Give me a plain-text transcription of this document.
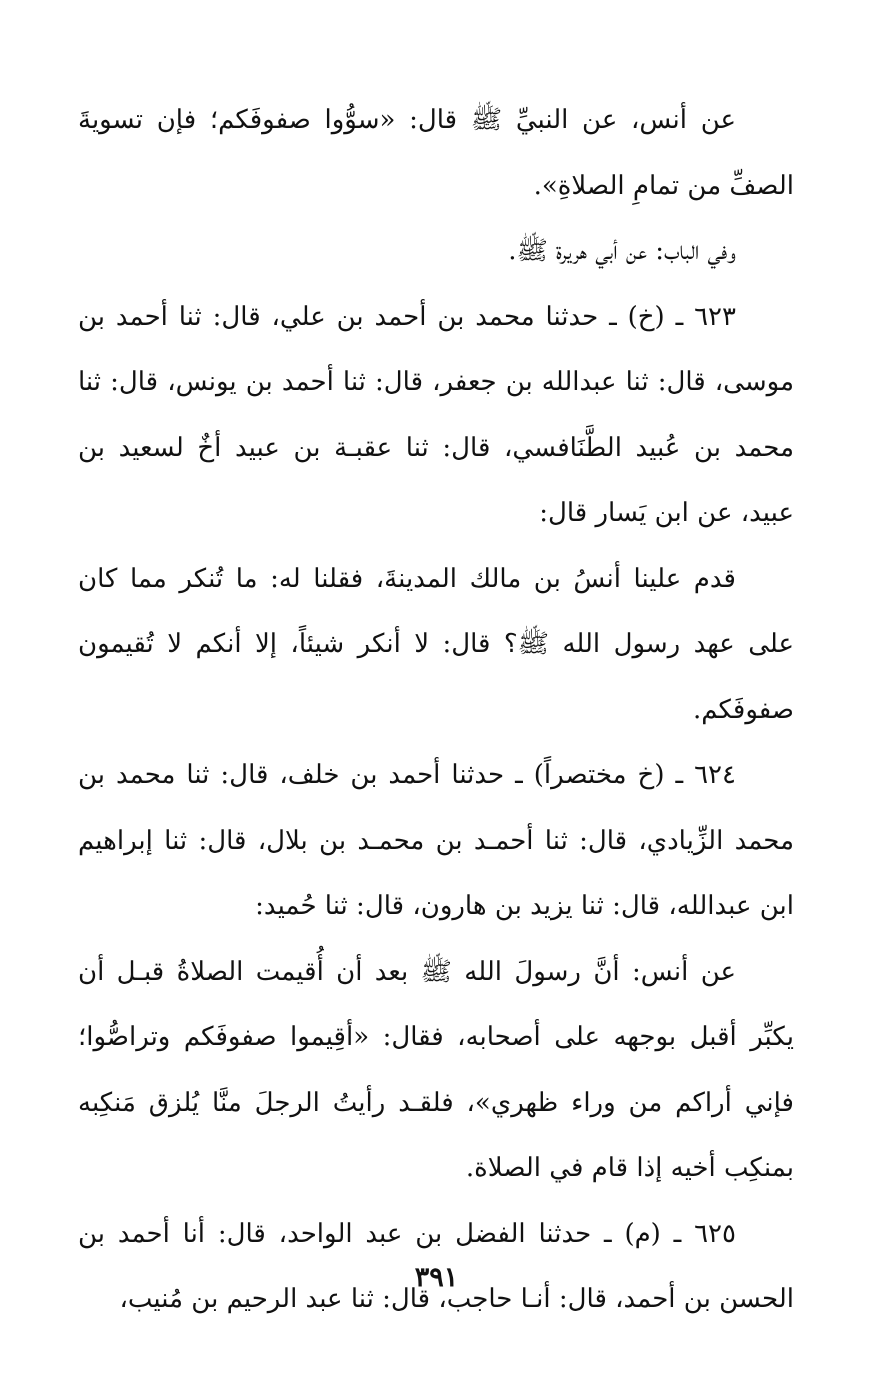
عن أنس، عن النبيِّ ﷺ قال: «سوُّوا صفوفَكم؛ فإن تسويةَ الصفِّ من تمامِ الصلاةِ».

وفي الباب: عن أبي هريرة ﷺ.

٦٢٣ ـ (خ) ـ حدثنا محمد بن أحمد بن علي، قال: ثنا أحمد بن موسى، قال: ثنا عبدالله بن جعفر، قال: ثنا أحمد بن يونس، قال: ثنا محمد بن عُبيد الطَّنَافسي، قال: ثنا عقبـة بن عبيد أخٌ لسعيد بن عبيد، عن ابن يَسار قال:

قدم علينا أنسُ بن مالك المدينةَ، فقلنا له: ما تُنكر مما كان على عهد رسول الله ﷺ؟ قال: لا أنكر شيئاً، إلا أنكم لا تُقيمون صفوفَكم.

٦٢٤ ـ (خ مختصراً) ـ حدثنا أحمد بن خلف، قال: ثنا محمد بن محمد الزِّيادي، قال: ثنا أحمـد بن محمـد بن بلال، قال: ثنا إبراهيم ابن عبدالله، قال: ثنا يزيد بن هارون، قال: ثنا حُميد:

عن أنس: أنَّ رسولَ الله ﷺ بعد أن أُقيمت الصلاةُ قبـل أن يكبِّر أقبل بوجهه على أصحابه، فقال: «أقِيموا صفوفَكم وتراصُّوا؛ فإني أراكم من وراء ظهري»، فلقـد رأيتُ الرجلَ منَّا يُلزق مَنكِبه بمنكِب أخيه إذا قام في الصلاة.

٦٢٥ ـ (م) ـ حدثنا الفضل بن عبد الواحد، قال: أنا أحمد بن الحسن بن أحمد، قال: أنـا حاجب، قال: ثنا عبد الرحيم بن مُنيب،

٣٩١
